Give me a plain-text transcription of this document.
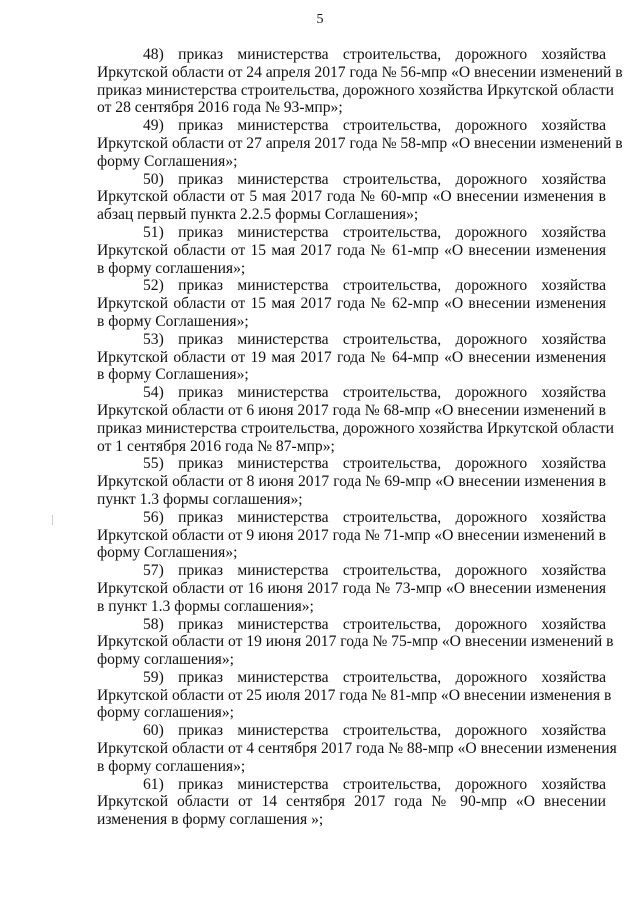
5
48) приказ министерства строительства, дорожного хозяйства
Иркутской области от 24 апреля 2017 года № 56-мпр «О внесении изменений в
приказ министерства строительства, дорожного хозяйства Иркутской области
от 28 сентября 2016 года № 93-мпр»;
49) приказ министерства строительства, дорожного хозяйства
Иркутской области от 27 апреля 2017 года № 58-мпр «О внесении изменений в
форму Соглашения»;
50) приказ министерства строительства, дорожного хозяйства
Иркутской области от 5 мая 2017 года № 60-мпр «О внесении изменения в
абзац первый пункта 2.2.5 формы Соглашения»;
51) приказ министерства строительства, дорожного хозяйства
Иркутской области от 15 мая 2017 года № 61-мпр «О внесении изменения
в форму соглашения»;
52) приказ министерства строительства, дорожного хозяйства
Иркутской области от 15 мая 2017 года № 62-мпр «О внесении изменения
в форму Соглашения»;
53) приказ министерства строительства, дорожного хозяйства
Иркутской области от 19 мая 2017 года № 64-мпр «О внесении изменения
в форму Соглашения»;
54) приказ министерства строительства, дорожного хозяйства
Иркутской области от 6 июня 2017 года № 68-мпр «О внесении изменений в
приказ министерства строительства, дорожного хозяйства Иркутской области
от 1 сентября 2016 года № 87-мпр»;
55) приказ министерства строительства, дорожного хозяйства
Иркутской области от 8 июня 2017 года № 69-мпр «О внесении изменения в
пункт 1.3 формы соглашения»;
56) приказ министерства строительства, дорожного хозяйства
Иркутской области от 9 июня 2017 года № 71-мпр «О внесении изменений в
форму Соглашения»;
57) приказ министерства строительства, дорожного хозяйства
Иркутской области от 16 июня 2017 года № 73-мпр «О внесении изменения
в пункт 1.3 формы соглашения»;
58) приказ министерства строительства, дорожного хозяйства
Иркутской области от 19 июня 2017 года № 75-мпр «О внесении изменений в
форму соглашения»;
59) приказ министерства строительства, дорожного хозяйства
Иркутской области от 25 июля 2017 года № 81-мпр «О внесении изменения в
форму соглашения»;
60) приказ министерства строительства, дорожного хозяйства
Иркутской области от 4 сентября 2017 года № 88-мпр «О внесении изменения
в форму соглашения»;
61) приказ министерства строительства, дорожного хозяйства
Иркутской области от 14 сентября 2017 года № 90-мпр «О внесении
изменения в форму соглашения »;
